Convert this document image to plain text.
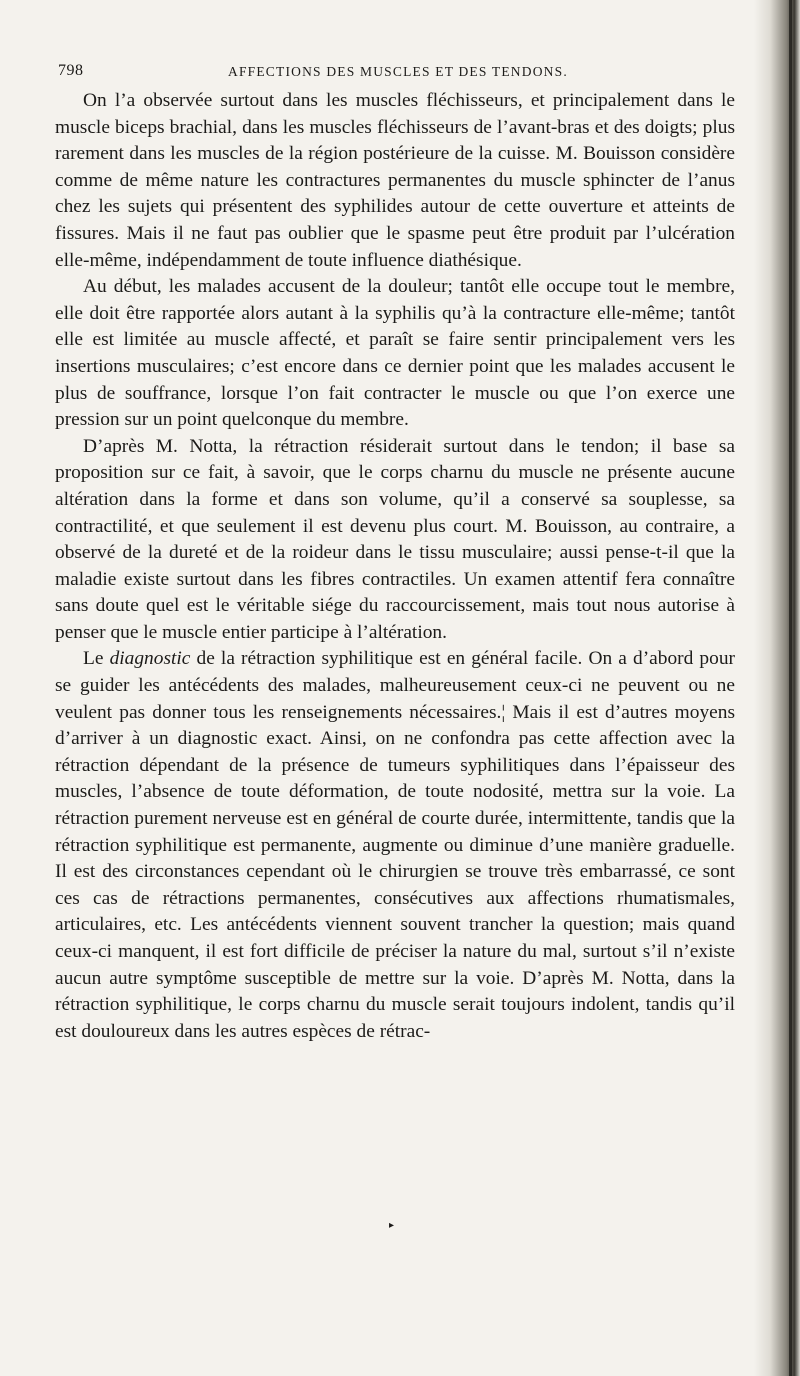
798	AFFECTIONS DES MUSCLES ET DES TENDONS.

On l’a observée surtout dans les muscles fléchisseurs, et principalement dans le muscle biceps brachial, dans les muscles fléchisseurs de l’avant-bras et des doigts; plus rarement dans les muscles de la région postérieure de la cuisse. M. Bouisson considère comme de même nature les contractures permanentes du muscle sphincter de l’anus chez les sujets qui présentent des syphilides autour de cette ouverture et atteints de fissures. Mais il ne faut pas oublier que le spasme peut être produit par l’ulcération elle-même, indépendamment de toute influence diathésique.

Au début, les malades accusent de la douleur; tantôt elle occupe tout le membre, elle doit être rapportée alors autant à la syphilis qu’à la contracture elle-même; tantôt elle est limitée au muscle affecté, et paraît se faire sentir principalement vers les insertions musculaires; c’est encore dans ce dernier point que les malades accusent le plus de souffrance, lorsque l’on fait contracter le muscle ou que l’on exerce une pression sur un point quelconque du membre.

D’après M. Notta, la rétraction résiderait surtout dans le tendon; il base sa proposition sur ce fait, à savoir, que le corps charnu du muscle ne présente aucune altération dans la forme et dans son volume, qu’il a conservé sa souplesse, sa contractilité, et que seulement il est devenu plus court. M. Bouisson, au contraire, a observé de la dureté et de la roideur dans le tissu musculaire; aussi pense-t-il que la maladie existe surtout dans les fibres contractiles. Un examen attentif fera connaître sans doute quel est le véritable siége du raccourcissement, mais tout nous autorise à penser que le muscle entier participe à l’altération.

Le diagnostic de la rétraction syphilitique est en général facile. On a d’abord pour se guider les antécédents des malades, malheureusement ceux-ci ne peuvent ou ne veulent pas donner tous les renseignements nécessaires.¦ Mais il est d’autres moyens d’arriver à un diagnostic exact. Ainsi, on ne confondra pas cette affection avec la rétraction dépendant de la présence de tumeurs syphilitiques dans l’épaisseur des muscles, l’absence de toute déformation, de toute nodosité, mettra sur la voie. La rétraction purement nerveuse est en général de courte durée, intermittente, tandis que la rétraction syphilitique est permanente, augmente ou diminue d’une manière graduelle. Il est des circonstances cependant où le chirurgien se trouve très embarrassé, ce sont ces cas de rétractions permanentes, consécutives aux affections rhumatismales, articulaires, etc. Les antécédents viennent souvent trancher la question; mais quand ceux-ci manquent, il est fort difficile de préciser la nature du mal, surtout s’il n’existe aucun autre symptôme susceptible de mettre sur la voie. D’après M. Notta, dans la rétraction syphilitique, le corps charnu du muscle serait toujours indolent, tandis qu’il est douloureux dans les autres espèces de rétrac-

▸
